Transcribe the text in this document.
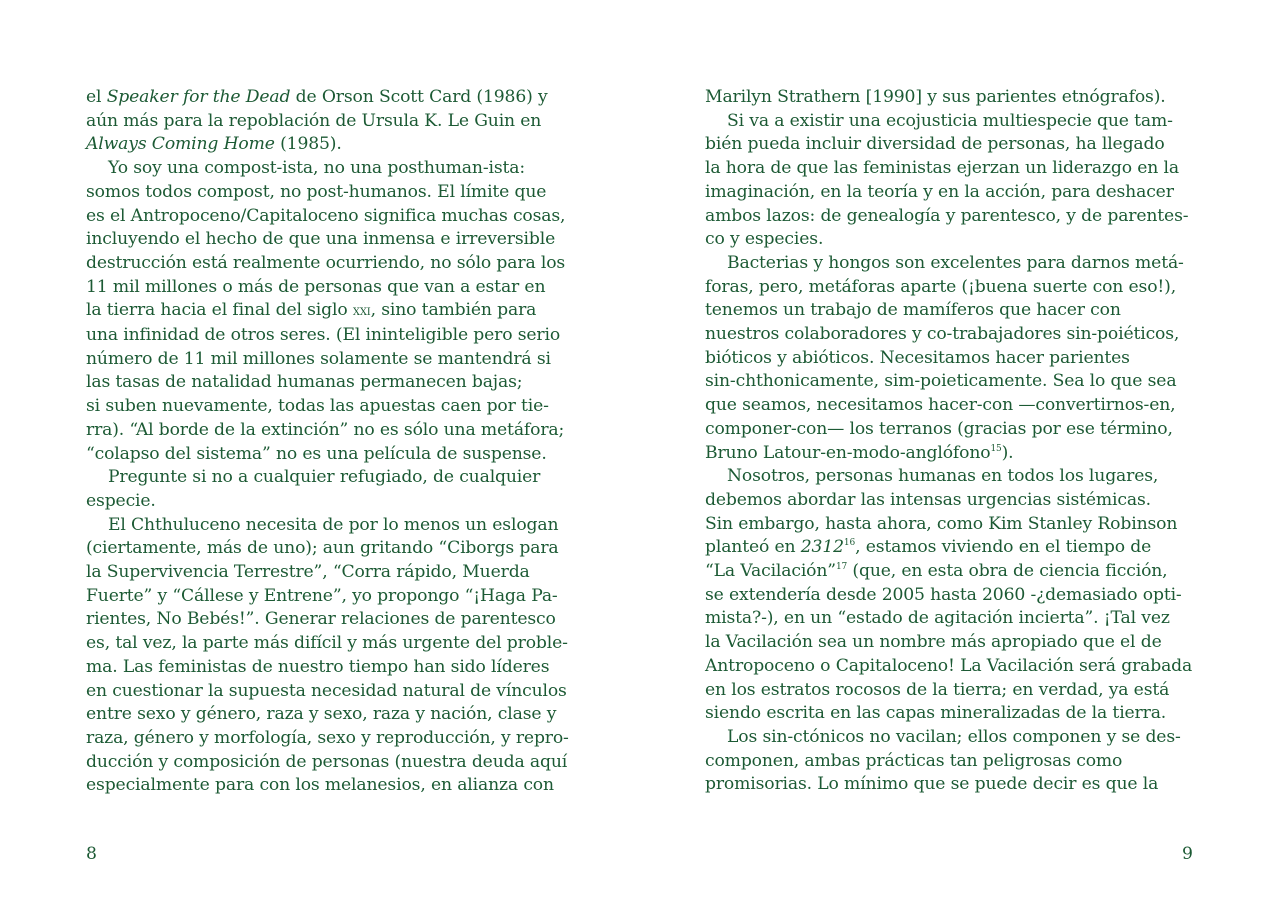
el Speaker for the Dead de Orson Scott Card (1986) y
aún más para la repoblación de Ursula K. Le Guin en
Always Coming Home (1985).
Yo soy una compost-ista, no una posthuman-ista:
somos todos compost, no post-humanos. El límite que
es el Antropoceno/Capitaloceno significa muchas cosas,
incluyendo el hecho de que una inmensa e irreversible
destrucción está realmente ocurriendo, no sólo para los
11 mil millones o más de personas que van a estar en
la tierra hacia el final del siglo xxi, sino también para
una infinidad de otros seres. (El ininteligible pero serio
número de 11 mil millones solamente se mantendrá si
las tasas de natalidad humanas permanecen bajas;
si suben nuevamente, todas las apuestas caen por tie-
rra). “Al borde de la extinción” no es sólo una metáfora;
“colapso del sistema” no es una película de suspense.
Pregunte si no a cualquier refugiado, de cualquier
especie.
El Chthuluceno necesita de por lo menos un eslogan
(ciertamente, más de uno); aun gritando “Ciborgs para
la Supervivencia Terrestre”, “Corra rápido, Muerda
Fuerte” y “Cállese y Entrene”, yo propongo “¡Haga Pa-
rientes, No Bebés!”. Generar relaciones de parentesco
es, tal vez, la parte más difícil y más urgente del proble-
ma. Las feministas de nuestro tiempo han sido líderes
en cuestionar la supuesta necesidad natural de vínculos
entre sexo y género, raza y sexo, raza y nación, clase y
raza, género y morfología, sexo y reproducción, y repro-
ducción y composición de personas (nuestra deuda aquí
especialmente para con los melanesios, en alianza con
Marilyn Strathern [1990] y sus parientes etnógrafos).
Si va a existir una ecojusticia multiespecie que tam-
bién pueda incluir diversidad de personas, ha llegado
la hora de que las feministas ejerzan un liderazgo en la
imaginación, en la teoría y en la acción, para deshacer
ambos lazos: de genealogía y parentesco, y de parentes-
co y especies.
Bacterias y hongos son excelentes para darnos metá-
foras, pero, metáforas aparte (¡buena suerte con eso!),
tenemos un trabajo de mamíferos que hacer con
nuestros colaboradores y co-trabajadores sin-poiéticos,
bióticos y abióticos. Necesitamos hacer parientes
sin-chthonicamente, sim-poieticamente. Sea lo que sea
que seamos, necesitamos hacer-con —convertirnos-en,
componer-con— los terranos (gracias por ese término,
Bruno Latour-en-modo-anglófono$^{15}$).
Nosotros, personas humanas en todos los lugares,
debemos abordar las intensas urgencias sistémicas.
Sin embargo, hasta ahora, como Kim Stanley Robinson
planteó en 2312$^{16}$, estamos viviendo en el tiempo de
“La Vacilación”$^{17}$ (que, en esta obra de ciencia ficción,
se extendería desde 2005 hasta 2060 -¿demasiado opti-
mista?-), en un “estado de agitación incierta”. ¡Tal vez
la Vacilación sea un nombre más apropiado que el de
Antropoceno o Capitaloceno! La Vacilación será grabada
en los estratos rocosos de la tierra; en verdad, ya está
siendo escrita en las capas mineralizadas de la tierra.
Los sin-ctónicos no vacilan; ellos componen y se des-
componen, ambas prácticas tan peligrosas como
promisorias. Lo mínimo que se puede decir es que la
8	9
